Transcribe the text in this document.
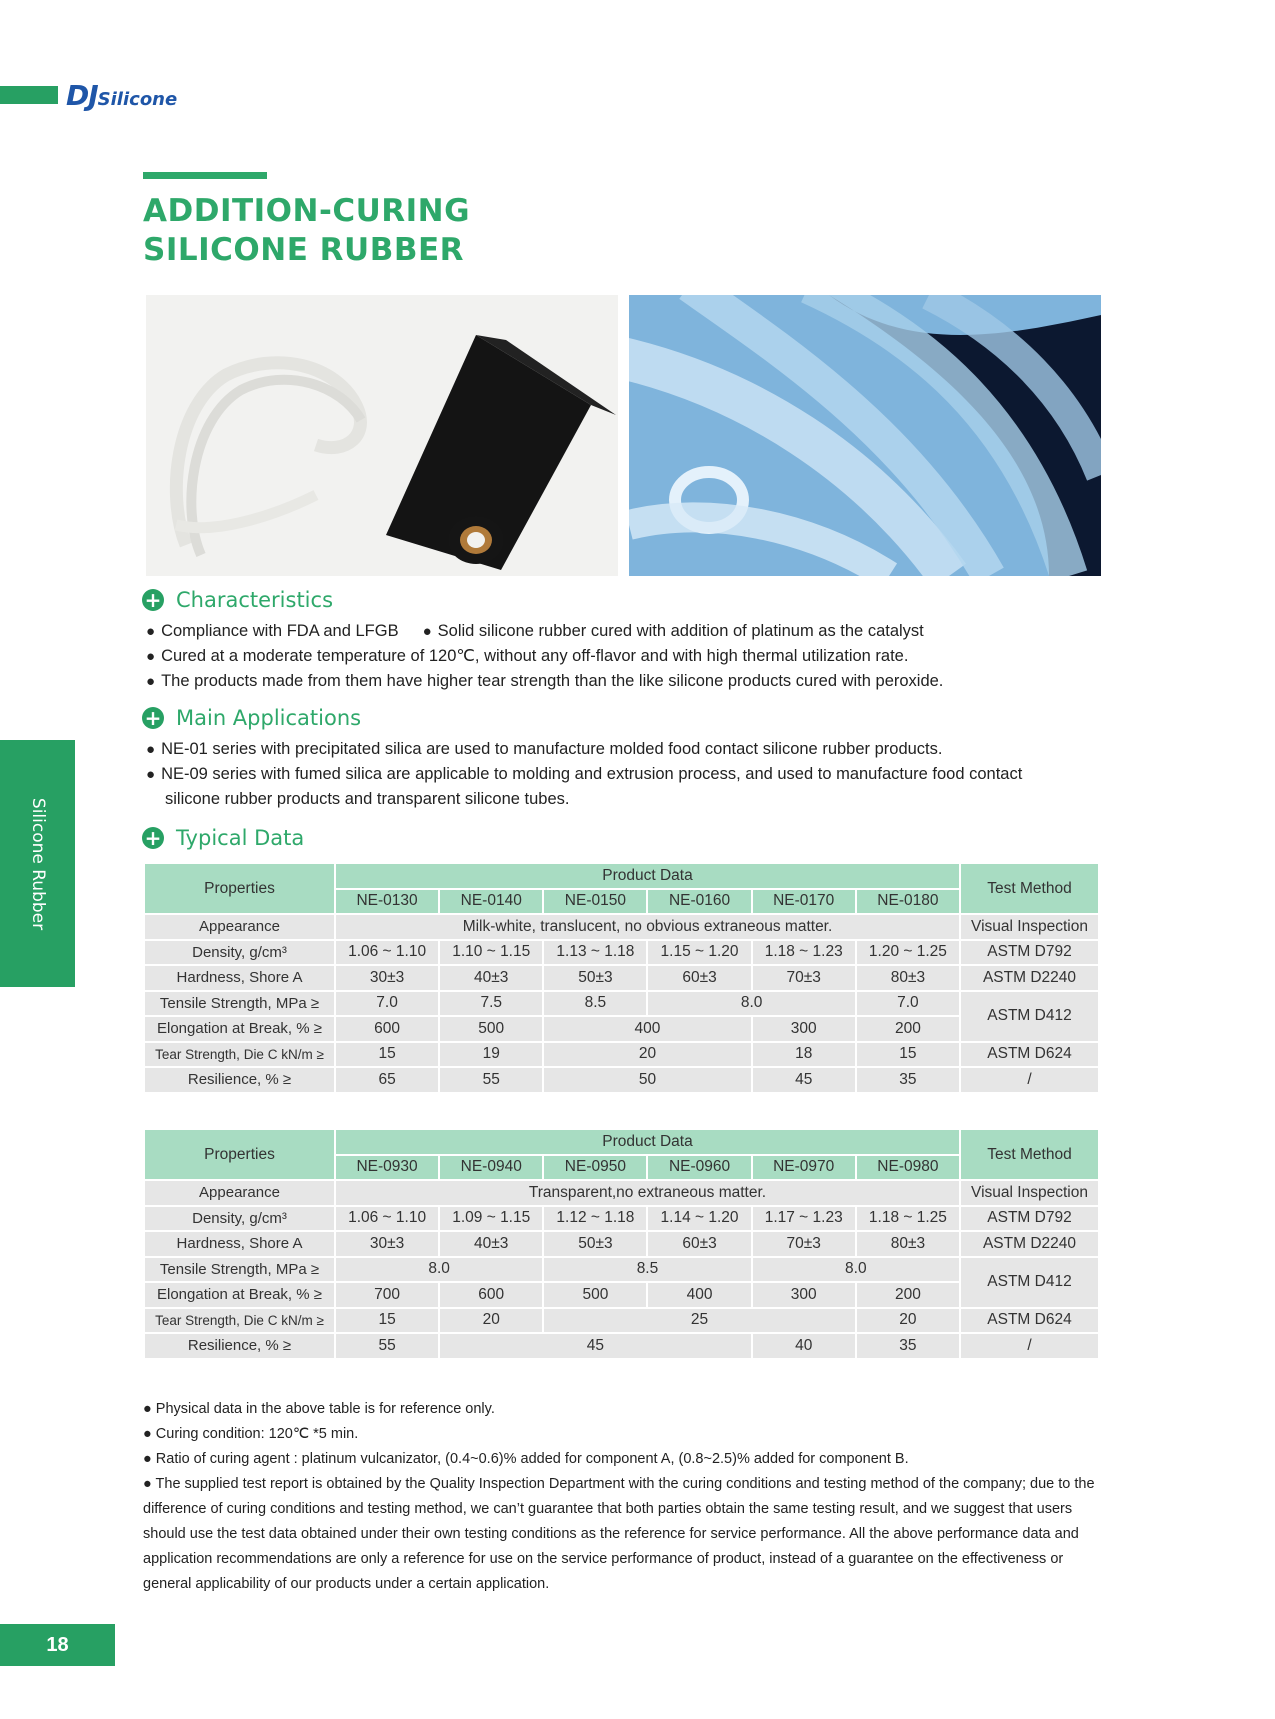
DJSilicone
ADDITION-CURING
SILICONE RUBBER
+ Characteristics
● Compliance with FDA and LFGB ● Solid silicone rubber cured with addition of platinum as the catalyst
● Cured at a moderate temperature of 120℃, without any off-flavor and with high thermal utilization rate.
● The products made from them have higher tear strength than the like silicone products cured with peroxide.
+ Main Applications
● NE-01 series with precipitated silica are used to manufacture molded food contact silicone rubber products.
● NE-09 series with fumed silica are applicable to molding and extrusion process, and used to manufacture food contact
silicone rubber products and transparent silicone tubes.
+ Typical Data
Silicone Rubber	Properties	Product Data						Test Method
	NE-0130	NE-0140	NE-0150	NE-0160	NE-0170	NE-0180	
Appearance	Milk-white, translucent, no obvious extraneous matter.						Visual Inspection
Density, g/cm³	1.06 ~ 1.10	1.10 ~ 1.15	1.13 ~ 1.18	1.15 ~ 1.20	1.18 ~ 1.23	1.20 ~ 1.25	ASTM D792
Hardness, Shore A	30±3	40±3	50±3	60±3	70±3	80±3	ASTM D2240
Tensile Strength, MPa ≥	7.0	7.5	8.5	8.0		7.0	ASTM D412
Elongation at Break, % ≥	600	500	400		300	200	
Tear Strength, Die C kN/m ≥	15	19	20		18	15	ASTM D624
Resilience, % ≥	65	55	50		45	35	/
Properties	Product Data						Test Method
	NE-0930	NE-0940	NE-0950	NE-0960	NE-0970	NE-0980	
Appearance	Transparent,no extraneous matter.						Visual Inspection
Density, g/cm³	1.06 ~ 1.10	1.09 ~ 1.15	1.12 ~ 1.18	1.14 ~ 1.20	1.17 ~ 1.23	1.18 ~ 1.25	ASTM D792
Hardness, Shore A	30±3	40±3	50±3	60±3	70±3	80±3	ASTM D2240
Tensile Strength, MPa ≥	8.0		8.5		8.0		ASTM D412
Elongation at Break, % ≥	700	600	500	400	300	200	
Tear Strength, Die C kN/m ≥	15	20	25			20	ASTM D624
Resilience, % ≥	55	45			40	35	/
● Physical data in the above table is for reference only.
● Curing condition: 120℃ *5 min.
● Ratio of curing agent : platinum vulcanizator, (0.4~0.6)% added for component A, (0.8~2.5)% added for component B.
● The supplied test report is obtained by the Quality Inspection Department with the curing conditions and testing method of the company; due to the difference of curing conditions and testing method, we can’t guarantee that both parties obtain the same testing result, and we suggest that users should use the test data obtained under their own testing conditions as the reference for service performance. All the above performance data and application recommendations are only a reference for use on the service performance of product, instead of a guarantee on the effectiveness or general applicability of our products under a certain application.
18
